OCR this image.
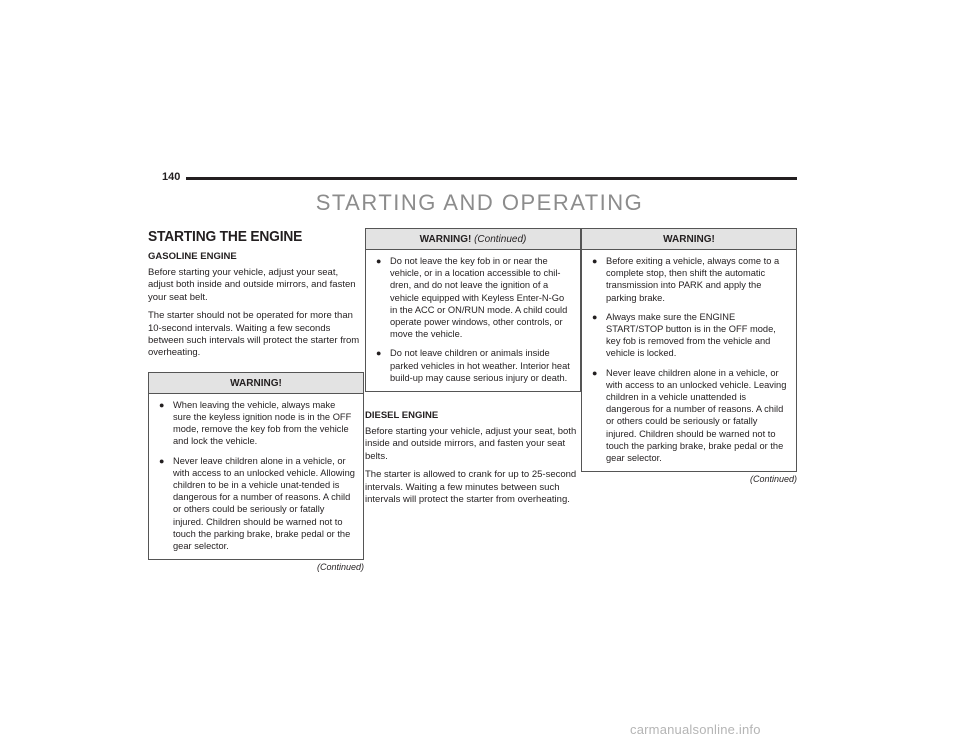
140
STARTING AND OPERATING
STARTING THE ENGINE
GASOLINE ENGINE

Before starting your vehicle, adjust your seat, adjust both inside and outside mirrors, and fasten your seat belt.

The starter should not be operated for more than 10-second intervals. Waiting a few seconds between such intervals will protect the starter from overheating.

WARNING!
● When leaving the vehicle, always make sure the keyless ignition node is in the OFF mode, remove the key fob from the vehicle and lock the vehicle.
● Never leave children alone in a vehicle, or with access to an unlocked vehicle. Allowing children to be in a vehicle unat-tended is dangerous for a number of reasons. A child or others could be seriously or fatally injured. Children should be warned not to touch the parking brake, brake pedal or the gear selector.
(Continued)
WARNING! (Continued)
● Do not leave the key fob in or near the vehicle, or in a location accessible to chil-dren, and do not leave the ignition of a vehicle equipped with Keyless Enter-N-Go in the ACC or ON/RUN mode. A child could operate power windows, other controls, or move the vehicle.
● Do not leave children or animals inside parked vehicles in hot weather. Interior heat build-up may cause serious injury or death.
DIESEL ENGINE

Before starting your vehicle, adjust your seat, both inside and outside mirrors, and fasten your seat belts.

The starter is allowed to crank for up to 25-second intervals. Waiting a few minutes between such intervals will protect the starter from overheating.

WARNING!
● Before exiting a vehicle, always come to a complete stop, then shift the automatic transmission into PARK and apply the parking brake.
● Always make sure the ENGINE START/STOP button is in the OFF mode, key fob is removed from the vehicle and vehicle is locked.
● Never leave children alone in a vehicle, or with access to an unlocked vehicle. Leaving children in a vehicle unattended is dangerous for a number of reasons. A child or others could be seriously or fatally injured. Children should be warned not to touch the parking brake, brake pedal or the gear selector.
(Continued)
carmanualsonline.info
